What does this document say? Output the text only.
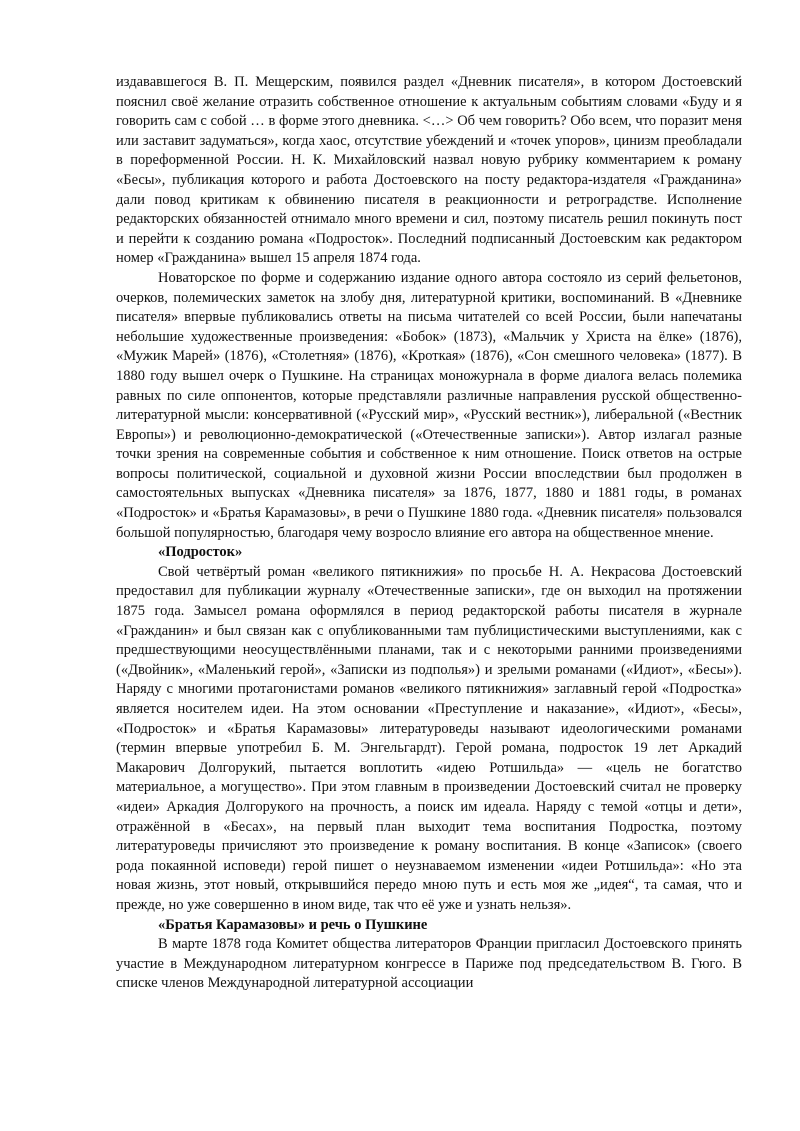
издававшегося В. П. Мещерским, появился раздел «Дневник писателя», в котором Достоевский пояснил своё желание отразить собственное отношение к актуальным событиям словами «Буду и я говорить сам с собой … в форме этого дневника. <…> Об чем говорить? Обо всем, что поразит меня или заставит задуматься», когда хаос, отсутствие убеждений и «точек упоров», цинизм преобладали в пореформенной России. Н. К. Михайловский назвал новую рубрику комментарием к роману «Бесы», публикация которого и работа Достоевского на посту редактора-издателя «Гражданина» дали повод критикам к обвинению писателя в реакционности и ретроградстве. Исполнение редакторских обязанностей отнимало много времени и сил, поэтому писатель решил покинуть пост и перейти к созданию романа «Подросток». Последний подписанный Достоевским как редактором номер «Гражданина» вышел 15 апреля 1874 года.

Новаторское по форме и содержанию издание одного автора состояло из серий фельетонов, очерков, полемических заметок на злобу дня, литературной критики, воспоминаний. В «Дневнике писателя» впервые публиковались ответы на письма читателей со всей России, были напечатаны небольшие художественные произведения: «Бобок» (1873), «Мальчик у Христа на ёлке» (1876), «Мужик Марей» (1876), «Столетняя» (1876), «Кроткая» (1876), «Сон смешного человека» (1877). В 1880 году вышел очерк о Пушкине. На страницах моножурнала в форме диалога велась полемика равных по силе оппонентов, которые представляли различные направления русской общественно-литературной мысли: консервативной («Русский мир», «Русский вестник»), либеральной («Вестник Европы») и революционно-демократической («Отечественные записки»). Автор излагал разные точки зрения на современные события и собственное к ним отношение. Поиск ответов на острые вопросы политической, социальной и духовной жизни России впоследствии был продолжен в самостоятельных выпусках «Дневника писателя» за 1876, 1877, 1880 и 1881 годы, в романах «Подросток» и «Братья Карамазовы», в речи о Пушкине 1880 года. «Дневник писателя» пользовался большой популярностью, благодаря чему возросло влияние его автора на общественное мнение.

«Подросток»

Свой четвёртый роман «великого пятикнижия» по просьбе Н. А. Некрасова Достоевский предоставил для публикации журналу «Отечественные записки», где он выходил на протяжении 1875 года. Замысел романа оформлялся в период редакторской работы писателя в журнале «Гражданин» и был связан как с опубликованными там публицистическими выступлениями, как с предшествующими неосуществлёнными планами, так и с некоторыми ранними произведениями («Двойник», «Маленький герой», «Записки из подполья») и зрелыми романами («Идиот», «Бесы»). Наряду с многими протагонистами романов «великого пятикнижия» заглавный герой «Подростка» является носителем идеи. На этом основании «Преступление и наказание», «Идиот», «Бесы», «Подросток» и «Братья Карамазовы» литературоведы называют идеологическими романами (термин впервые употребил Б. М. Энгельгардт). Герой романа, подросток 19 лет Аркадий Макарович Долгорукий, пытается воплотить «идею Ротшильда» — «цель не богатство материальное, а могущество». При этом главным в произведении Достоевский считал не проверку «идеи» Аркадия Долгорукого на прочность, а поиск им идеала. Наряду с темой «отцы и дети», отражённой в «Бесах», на первый план выходит тема воспитания Подростка, поэтому литературоведы причисляют это произведение к роману воспитания. В конце «Записок» (своего рода покаянной исповеди) герой пишет о неузнаваемом изменении «идеи Ротшильда»: «Но эта новая жизнь, этот новый, открывшийся передо мною путь и есть моя же „идея“, та самая, что и прежде, но уже совершенно в ином виде, так что её уже и узнать нельзя».

«Братья Карамазовы» и речь о Пушкине

В марте 1878 года Комитет общества литераторов Франции пригласил Достоевского принять участие в Международном литературном конгрессе в Париже под председательством В. Гюго. В списке членов Международной литературной ассоциации
